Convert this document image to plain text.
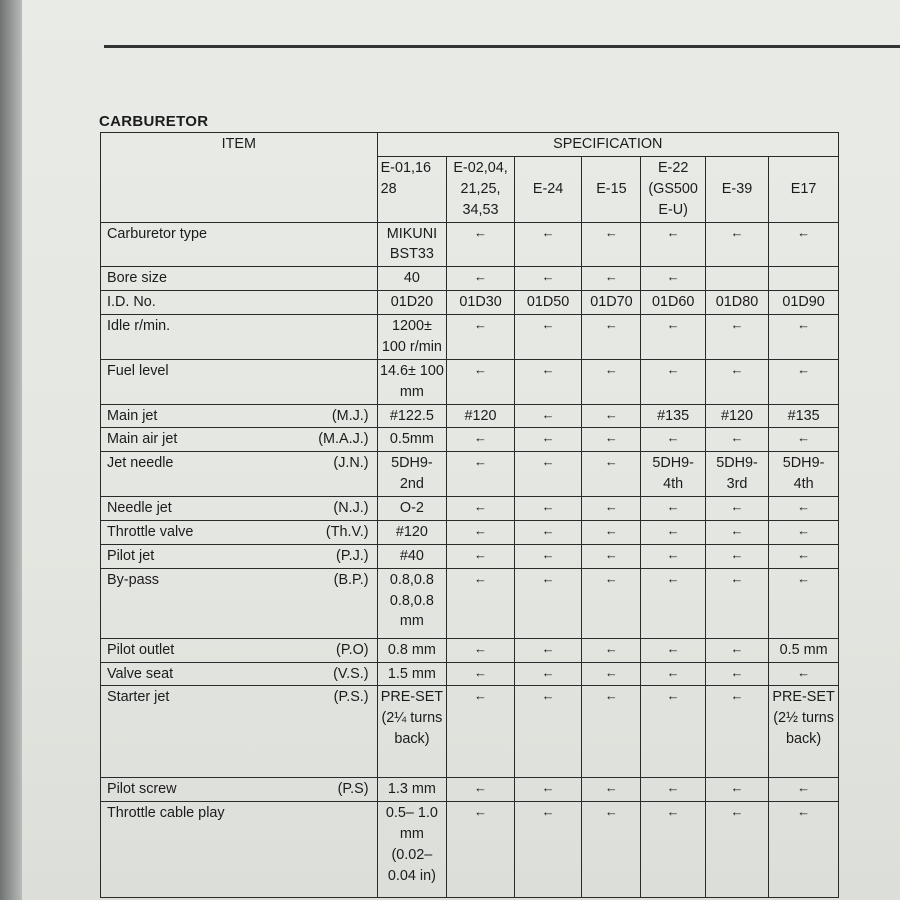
CARBURETOR
ITEM	SPECIFICATION						
	E-01,16 28	E-02,04, 21,25, 34,53	E-24	E-15	E-22 (GS500 E-U)	E-39	E17

Carburetor type	MIKUNI BST33	←	←	←	←	←	←

Bore size	40	←	←	←	←		

I.D. No.	01D20	01D30	01D50	01D70	01D60	01D80	01D90

Idle r/min.	1200± 100 r/min	←	←	←	←	←	←

Fuel level	14.6± 100 mm	←	←	←	←	←	←

Main jet (M.J.)	#122.5	#120	←	←	#135	#120	#135

Main air jet (M.A.J.)	0.5mm	←	←	←	←	←	←

Jet needle (J.N.)	5DH9- 2nd	←	←	←	5DH9- 4th	5DH9- 3rd	5DH9- 4th

Needle jet (N.J.)	O-2	←	←	←	←	←	←

Throttle valve (Th.V.)	#120	←	←	←	←	←	←

Pilot jet (P.J.)	#40	←	←	←	←	←	←

By-pass (B.P.)	0.8,0.8 0.8,0.8 mm	←	←	←	←	←	←

Pilot outlet (P.O)	0.8 mm	←	←	←	←	←	0.5 mm

Valve seat (V.S.)	1.5 mm	←	←	←	←	←	←

Starter jet (P.S.)	PRE-SET (2¼ turns back)	←	←	←	←	←	PRE-SET (2½ turns back)

Pilot screw (P.S)	1.3 mm	←	←	←	←	←	←

Throttle cable play	0.5– 1.0 mm (0.02– 0.04 in)	←	←	←	←	←	←
